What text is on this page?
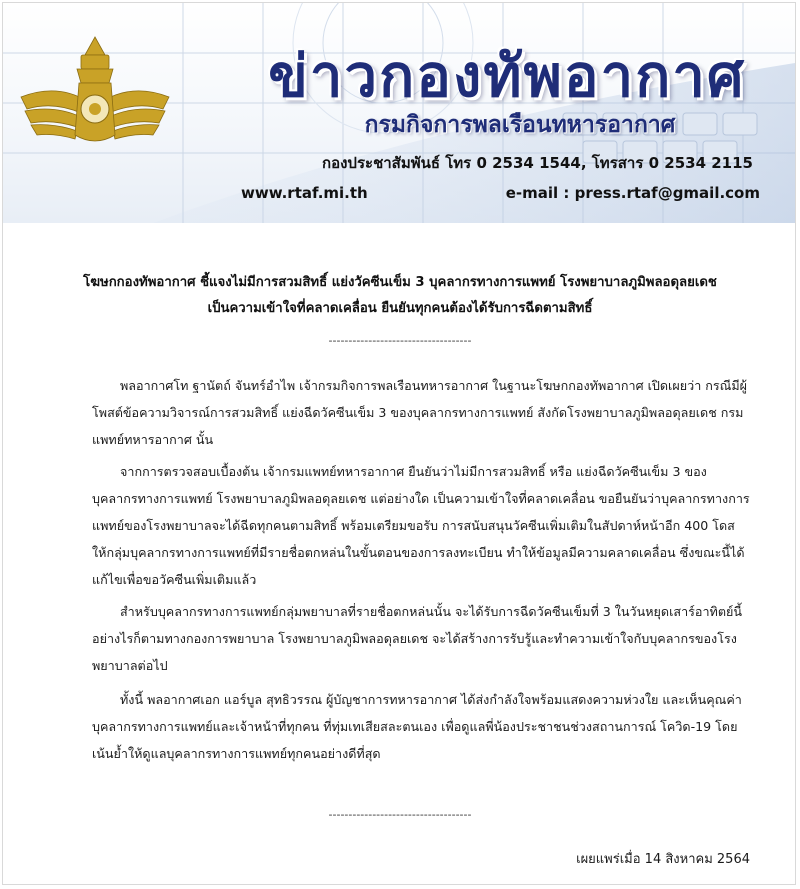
ข่าวกองทัพอากาศ
กรมกิจการพลเรือนทหารอากาศ
กองประชาสัมพันธ์ โทร 0 2534 1544, โทรสาร 0 2534 2115
www.rtaf.mi.th	e-mail : press.rtaf@gmail.com
โฆษกกองทัพอากาศ ชี้แจงไม่มีการสวมสิทธิ์ แย่งวัคซีนเข็ม 3 บุคลากรทางการแพทย์ โรงพยาบาลภูมิพลอดุลยเดช
เป็นความเข้าใจที่คลาดเคลื่อน ยืนยันทุกคนต้องได้รับการฉีดตามสิทธิ์
------------------------------------
พลอากาศโท ฐานัตถ์ จันทร์อำไพ เจ้ากรมกิจการพลเรือนทหารอากาศ ในฐานะโฆษกกองทัพอากาศ เปิดเผยว่า กรณีมีผู้โพสต์ข้อความวิจารณ์การสวมสิทธิ์ แย่งฉีดวัคซีนเข็ม 3 ของบุคลากรทางการแพทย์ สังกัดโรงพยาบาลภูมิพลอดุลยเดช กรมแพทย์ทหารอากาศ นั้น
จากการตรวจสอบเบื้องต้น เจ้ากรมแพทย์ทหารอากาศ ยืนยันว่าไม่มีการสวมสิทธิ์ หรือ แย่งฉีดวัคซีนเข็ม 3 ของบุคลากรทางการแพทย์ โรงพยาบาลภูมิพลอดุลยเดช แต่อย่างใด เป็นความเข้าใจที่คลาดเคลื่อน ขอยืนยันว่าบุคลากรทางการแพทย์ของโรงพยาบาลจะได้ฉีดทุกคนตามสิทธิ์ พร้อมเตรียมขอรับ การสนับสนุนวัคซีนเพิ่มเติมในสัปดาห์หน้าอีก 400 โดส ให้กลุ่มบุคลากรทางการแพทย์ที่มีรายชื่อตกหล่นในขั้นตอนของการลงทะเบียน ทำให้ข้อมูลมีความคลาดเคลื่อน ซึ่งขณะนี้ได้แก้ไขเพื่อขอวัคซีนเพิ่มเติมแล้ว
สำหรับบุคลากรทางการแพทย์กลุ่มพยาบาลที่รายชื่อตกหล่นนั้น จะได้รับการฉีดวัคซีนเข็มที่ 3 ในวันหยุดเสาร์อาทิตย์นี้ อย่างไรก็ตามทางกองการพยาบาล โรงพยาบาลภูมิพลอดุลยเดช จะได้สร้างการรับรู้และทำความเข้าใจกับบุคลากรของโรงพยาบาลต่อไป
ทั้งนี้ พลอากาศเอก แอร์บูล สุทธิวรรณ ผู้บัญชาการทหารอากาศ ได้ส่งกำลังใจพร้อมแสดงความห่วงใย และเห็นคุณค่าบุคลากรทางการแพทย์และเจ้าหน้าที่ทุกคน ที่ทุ่มเทเสียสละตนเอง เพื่อดูแลพี่น้องประชาชนช่วงสถานการณ์ โควิด-19 โดยเน้นย้ำให้ดูแลบุคลากรทางการแพทย์ทุกคนอย่างดีที่สุด
------------------------------------
เผยแพร่เมื่อ 14 สิงหาคม 2564
